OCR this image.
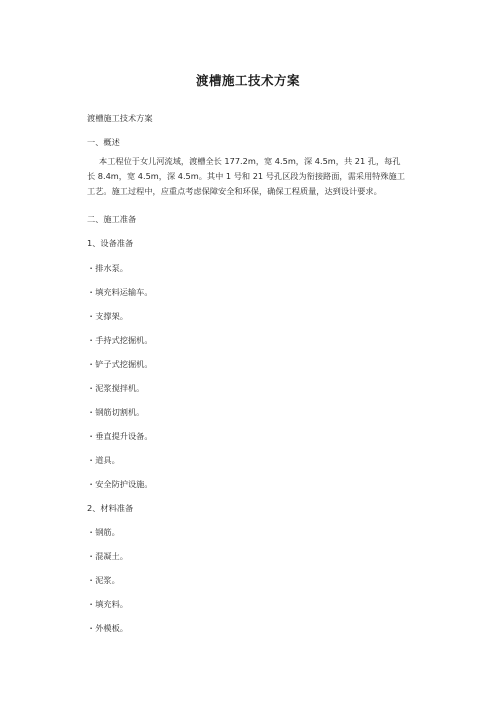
渡槽施工技术方案
渡槽施工技术方案
一、概述
本工程位于女儿河流域，渡槽全长 177.2m，宽 4.5m，深 4.5m，共 21 孔，每孔
长 8.4m，宽 4.5m，深 4.5m。其中 1 号和 21 号孔区段为衔接路面，需采用特殊施工
工艺。施工过程中，应重点考虑保障安全和环保，确保工程质量，达到设计要求。
二、施工准备
1、设备准备
・排水泵。
・填充料运输车。
・支撑架。
・手持式挖掘机。
・铲子式挖掘机。
・泥浆搅拌机。
・钢筋切割机。
・垂直提升设备。
・道具。
・安全防护设施。
2、材料准备
・钢筋。
・混凝土。
・泥浆。
・填充料。
・外模板。
